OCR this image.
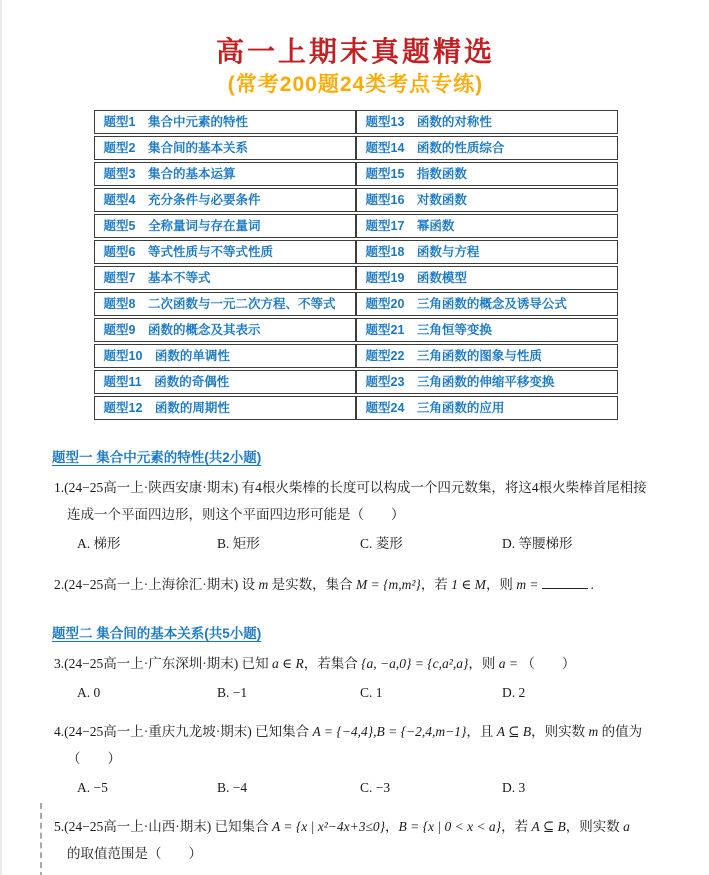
高一上期末真题精选
(常考200题24类考点专练)
题型1　集合中元素的特性	题型13　函数的对称性
题型2　集合间的基本关系	题型14　函数的性质综合
题型3　集合的基本运算	题型15　指数函数
题型4　充分条件与必要条件	题型16　对数函数
题型5　全称量词与存在量词	题型17　幂函数
题型6　等式性质与不等式性质	题型18　函数与方程
题型7　基本不等式	题型19　函数模型
题型8　二次函数与一元二次方程、不等式	题型20　三角函数的概念及诱导公式
题型9　函数的概念及其表示	题型21　三角恒等变换
题型10　函数的单调性	题型22　三角函数的图象与性质
题型11　函数的奇偶性	题型23　三角函数的伸缩平移变换
题型12　函数的周期性	题型24　三角函数的应用
题型一 集合中元素的特性(共2小题)
1.(24−25高一上·陕西安康·期末) 有4根火柴棒的长度可以构成一个四元数集，将这4根火柴棒首尾相接
连成一个平面四边形，则这个平面四边形可能是（　　）
A. 梯形	B. 矩形	C. 菱形	D. 等腰梯形
2.(24−25高一上·上海徐汇·期末) 设 m 是实数，集合 M = {m,m²}，若 1 ∈ M，则 m =	.
题型二 集合间的基本关系(共5小题)
3.(24−25高一上·广东深圳·期末) 已知 a ∈ R，若集合 {a, −a,0} = {c,a²,a}，则 a = （　　）
A. 0	B. −1	C. 1	D. 2
4.(24−25高一上·重庆九龙坡·期末) 已知集合 A = {−4,4},B = {−2,4,m−1}，且 A ⊆ B，则实数 m 的值为
（　　）
A. −5	B. −4	C. −3	D. 3
5.(24−25高一上·山西·期末) 已知集合 A = {x | x²−4x+3≤0}，B = {x | 0 < x < a}，若 A ⊆ B，则实数 a
的取值范围是（　　）
